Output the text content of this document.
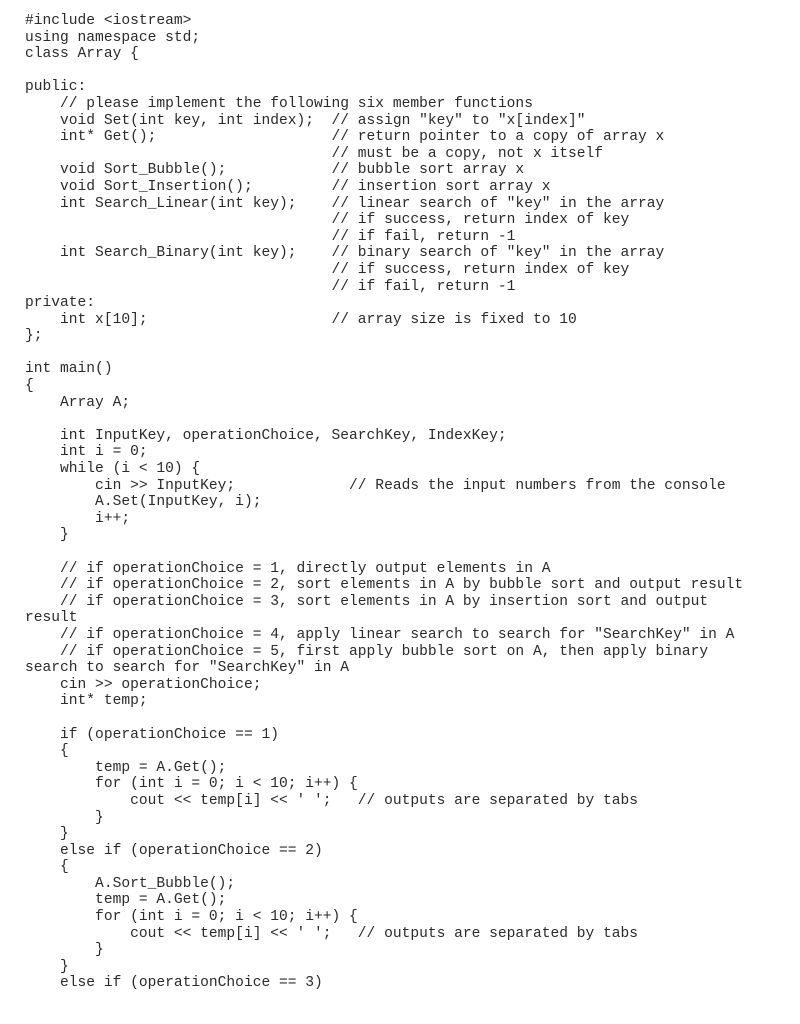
#include <iostream>
using namespace std;
class Array {
public:
// please implement the following six member functions
void Set(int key, int index);  // assign "key" to "x[index]"
int* Get();                    // return pointer to a copy of array x
// must be a copy, not x itself
void Sort_Bubble();            // bubble sort array x
void Sort_Insertion();         // insertion sort array x
int Search_Linear(int key);    // linear search of "key" in the array
// if success, return index of key
// if fail, return -1
int Search_Binary(int key);    // binary search of "key" in the array
// if success, return index of key
// if fail, return -1
private:
int x[10];                     // array size is fixed to 10
};
int main()
{
Array A;
int InputKey, operationChoice, SearchKey, IndexKey;
int i = 0;
while (i < 10) {
cin >> InputKey;             // Reads the input numbers from the console
A.Set(InputKey, i);
i++;
}
// if operationChoice = 1, directly output elements in A
// if operationChoice = 2, sort elements in A by bubble sort and output result
// if operationChoice = 3, sort elements in A by insertion sort and output
result
// if operationChoice = 4, apply linear search to search for "SearchKey" in A
// if operationChoice = 5, first apply bubble sort on A, then apply binary
search to search for "SearchKey" in A
cin >> operationChoice;
int* temp;
if (operationChoice == 1)
{
temp = A.Get();
for (int i = 0; i < 10; i++) {
cout << temp[i] << ' ';   // outputs are separated by tabs
}
}
else if (operationChoice == 2)
{
A.Sort_Bubble();
temp = A.Get();
for (int i = 0; i < 10; i++) {
cout << temp[i] << ' ';   // outputs are separated by tabs
}
}
else if (operationChoice == 3)
